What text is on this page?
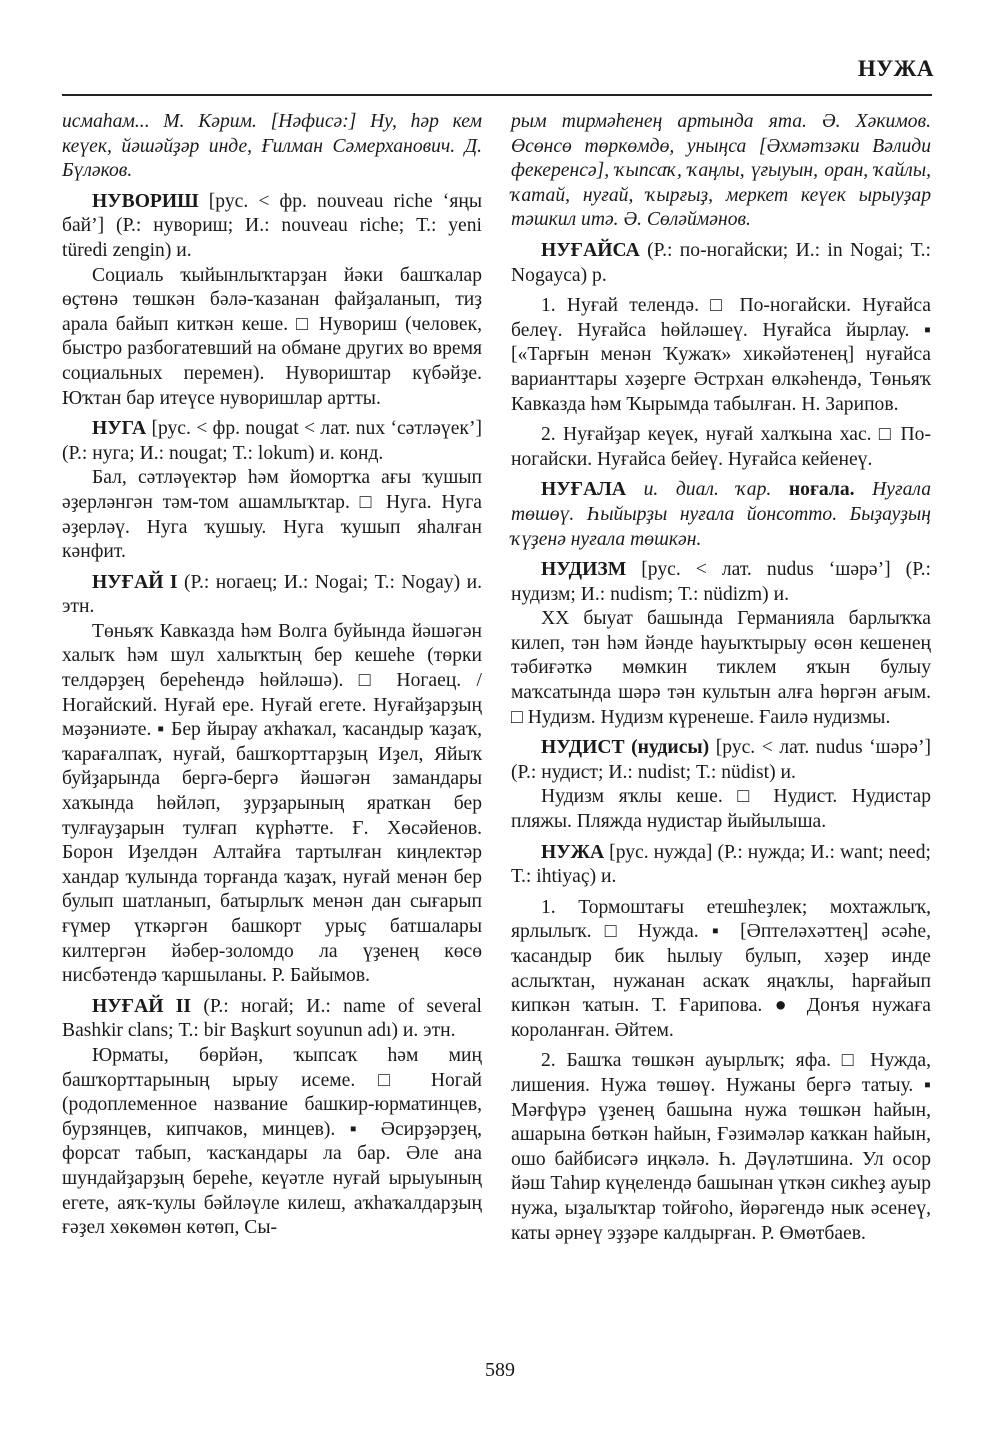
НУЖА

исмаһам... М. Кәрим. [Нәфисә:] Ну, һәр кем кеүек, йәшәйҙәр инде, Ғилман Сәмерханович. Д. Бүләков.

НУВОРИШ [рус. < фр. nouveau riche ‘яңы бай’] (Р.: нувориш; И.: nouveau riche; Т.: yeni türedi zengin) и.

Социаль ҡыйынлыҡтарҙан йәки башҡалар өҫтөнә төшкән бәлә-ҡазанан файҙаланып, тиҙ арала байып киткән кеше. □ Нувориш (человек, быстро разбогатевший на обмане других во время социальных перемен). Нувориштар күбәйҙе. Юҡтан бар итеүсе нуворишлар артты.

НУГА [рус. < фр. nougat < лат. nux ‘сәтләүек’] (Р.: нуга; И.: nougat; Т.: lokum) и. конд.

Бал, сәтләүектәр һәм йомортҡа ағы ҡушып әҙерләнгән тәм-том ашамлыҡтар. □ Нуга. Нуга әҙерләү. Нуга ҡушыу. Нуга ҡушып яһалған кәнфит.

НУҒАЙ I (Р.: ногаец; И.: Nogai; Т.: Nogay) и. этн.

Төньяҡ Кавказда һәм Волга буйында йәшәгән халыҡ һәм шул халыҡтың бер кешеһе (төрки телдәрҙең береһендә һөйләшә). □ Ногаец. / Ногайский. Нуғай ере. Нуғай егете. Нуғайҙарҙың мәҙәниәте. ▪ Бер йырау аҡһаҡал, ҡасандыр ҡаҙаҡ, ҡарағалпаҡ, нуғай, башҡорттарҙың Иҙел, Яйыҡ буйҙарында бергә-бергә йәшәгән замандары хаҡында һөйләп, ҙурҙарының яраткан бер тулғауҙарын тулғап күрһәтте. Ғ. Хөсәйенов. Борон Иҙелдән Алтайға тартылған киңлектәр хандар ҡулында торғанда ҡаҙаҡ, нуғай менән бер булып шатланып, батырлыҡ менән дан сығарып ғүмер үткәргән башкорт урыҫ батшалары килтергән йәбер-золомдо ла үҙенең көсө нисбәтендә ҡаршыланы. Р. Байымов.

НУҒАЙ II (Р.: ногай; И.: name of several Bashkir clans; Т.: bir Başkurt soyunun adı) и. этн.

Юрматы, бөрйән, ҡыпсаҡ һәм миң башҡорттарының ырыу исеме. □ Ногай (родоплеменное название башкир-юрматинцев, бурзянцев, кипчаков, минцев). ▪ Әсирҙәрҙең, форсат табып, ҡасҡандары ла бар. Әле ана шундайҙарҙың береһе, кеүәтле нуғай ырыуының егете, аяҡ-ҡулы бәйләүле килеш, аҡһаҡалдарҙың ғәҙел хөкөмөн көтөп, Сы-

рым тирмәһенең артында ята. Ә. Хәкимов. Өсөнсө төркөмдө, уныңса [Әхмәтзәки Вәлиди фекеренсә], ҡыпсаҡ, ҡаңлы, үғыуын, оран, ҡайлы, ҡатай, нуғай, ҡырғыҙ, меркет кеүек ырыуҙар тәшкил итә. Ә. Сөләймәнов.

НУҒАЙСА (Р.: по-ногайски; И.: in Nogai; Т.: Nogayca) р.

1. Нуғай телендә. □ По-ногайски. Нуғайса белеү. Нуғайса һөйләшеү. Нуғайса йырлау. ▪ [«Тарғын менән Ҡужаҡ» хикәйәтенең] нуғайса варианттары хәҙерге Әстрхан өлкәһендә, Төньяҡ Кавказда һәм Ҡырымда табылған. Н. Зарипов.

2. Нуғайҙар кеүек, нуғай халҡына хас. □ По-ногайски. Нуғайса бейеү. Нуғайса кейенеү.

НУҒАЛА и. диал. ҡар. ноғала. Нуғала төшөү. Һыйырҙы нуғала йонсотто. Быҙауҙың ҡүҙенә нуғала төшкән.

НУДИЗМ [рус. < лат. nudus ‘шәрә’] (Р.: нудизм; И.: nudism; Т.: nüdizm) и.

XX быуат башында Германияла барлыҡҡа килеп, тән һәм йәнде һауыҡтырыу өсөн кешенең тәбиғәткә мөмкин тиклем яҡын булыу маҡсатында шәрә тән культын алға һөргән ағым. □ Нудизм. Нудизм күренеше. Ғаилә нудизмы.

НУДИСТ (нудисы) [рус. < лат. nudus ‘шәрә’] (Р.: нудист; И.: nudist; Т.: nüdist) и.

Нудизм яҡлы кеше. □ Нудист. Нудистар пляжы. Пляжда нудистар йыйылыша.

НУЖА [рус. нужда] (Р.: нужда; И.: want; need; Т.: ihtiyaç) и.

1. Тормоштағы етешһеҙлек; мохтажлыҡ, ярлылыҡ. □ Нужда. ▪ [Әптеләхәттең] әсәһе, ҡасандыр бик һылыу булып, хәҙер инде аслыҡтан, нужанан аскаҡ яңаҡлы, һарғайып кипкән ҡатын. Т. Ғарипова. ● Донъя нужаға короланған. Әйтем.

2. Башҡа төшкән ауырлыҡ; яфа. □ Нужда, лишения. Нужа төшөү. Нужаны бергә татыу. ▪ Мәғфүрә үҙенең башына нужа төшкән һайын, ашарына бөткән һайын, Ғәзимәләр каҡкан һайын, ошо байбисәгә иңкәлә. Һ. Дәүләтшина. Ул осор йәш Таһир күңелендә башынан үткән сикһеҙ ауыр нужа, ыҙалыҡтар тойғоһо, йөрәгендә нык әсенеү, каты әрнеү эҙҙәре калдырған. Р. Өмөтбаев.

589
